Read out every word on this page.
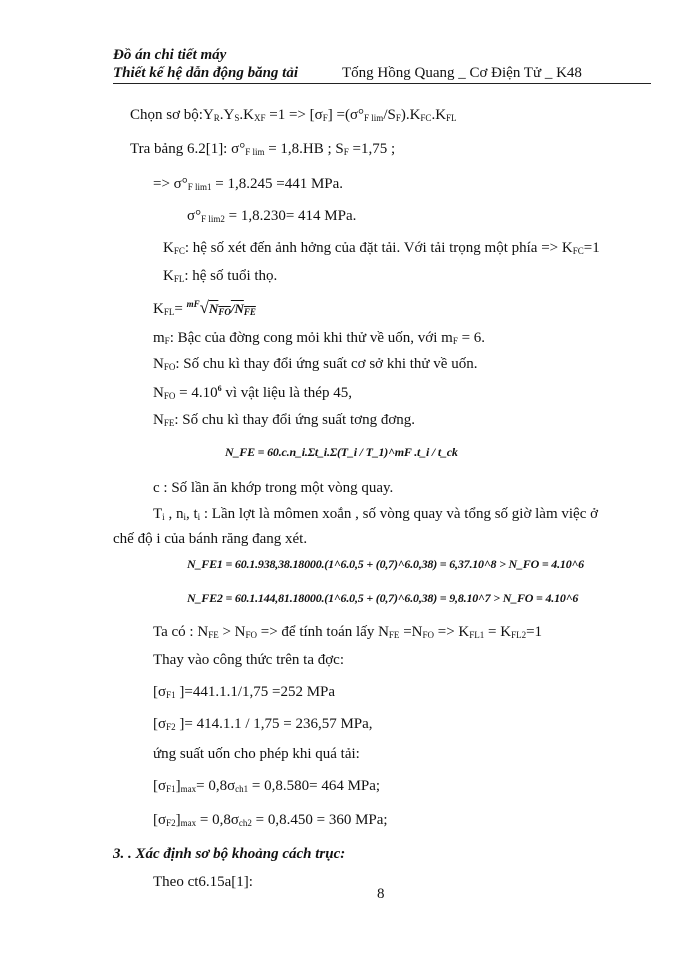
Đồ án chi tiết máy
Thiết kế hệ dẫn động băng tải	Tống Hồng Quang _ Cơ Điện Tử _ K48
Chọn sơ $bộ:Y_R.Y_S.K_{XF} =1 => [\sigma_F] =(\sigma^\circ_{F lim}/S_F).K_{FC}.K_{FL}$
Tra bảng 6.2[1]: $\sigma^\circ_{F lim} = 1,8.HB$ ; $S_F =1,75$ ;
=> $\sigma^\circ_{F lim1} = 1,8.245 =441$ MPa.
$\sigma^\circ_{F lim2} = 1,8.230= 414$ MPa.
$K_{FC}$: hệ số xét đến ảnh hởng của đặt tải. Với tải trọng một phía => $K_{FC}=1$
$K_{FL}$: hệ số tuổi thọ.
$K_{FL}= ^{mF}√N_{FO}/N_{FE}$
$m_F$: Bậc của đờng cong mỏi khi thử về uốn, với $m_F = 6$.
$N_{FO}$: Số chu kì thay đổi ứng suất cơ sở khi thử về uốn.
$N_{FO} = 4.10^6$ vì vật liệu là thép 45,
$N_{FE}$: Số chu kì thay đổi ứng suất tơng đơng.
N_FE = 60.c.n_i.Σt_i.Σ(T_i / T_1)^mF .t_i / t_ck
c : Số lần ăn khớp trong một vòng quay.
$T_i$ , $n_i$, $t_i$ : Lần lợt là mômen xoắn , số vòng quay và tổng số giờ làm việc ở
chế độ i của bánh răng đang xét.
N_FE1 = 60.1.938,38.18000.(1^6.0,5 + (0,7)^6.0,38) = 6,37.10^8 > N_FO = 4.10^6
N_FE2 = 60.1.144,81.18000.(1^6.0,5 + (0,7)^6.0,38) = 9,8.10^7 > N_FO = 4.10^6
Ta có : $N_{FE} > N_{FO}$ => để tính toán lấy $N_{FE} =N_{FO} => K_{FL1} = K_{FL2}=1$
Thay vào công thức trên ta đợc:
[$\sigma_{F1}$ ]=441.1.1/1,75 =252 MPa
[$\sigma_{F2}$ ]= 414.1.1 / 1,75 = 236,57 MPa,
ứng suất uốn cho phép khi quá tải:
$[\sigma_{F1}]_{max}= 0,8\sigma_{ch1} = 0,8.580= 464$ MPa;
$[\sigma_{F2}]_{max} = 0,8\sigma_{ch2} = 0,8.450 = 360$ MPa;
3. . Xác định sơ bộ khoảng cách trục:
Theo ct6.15a[1]:
8
